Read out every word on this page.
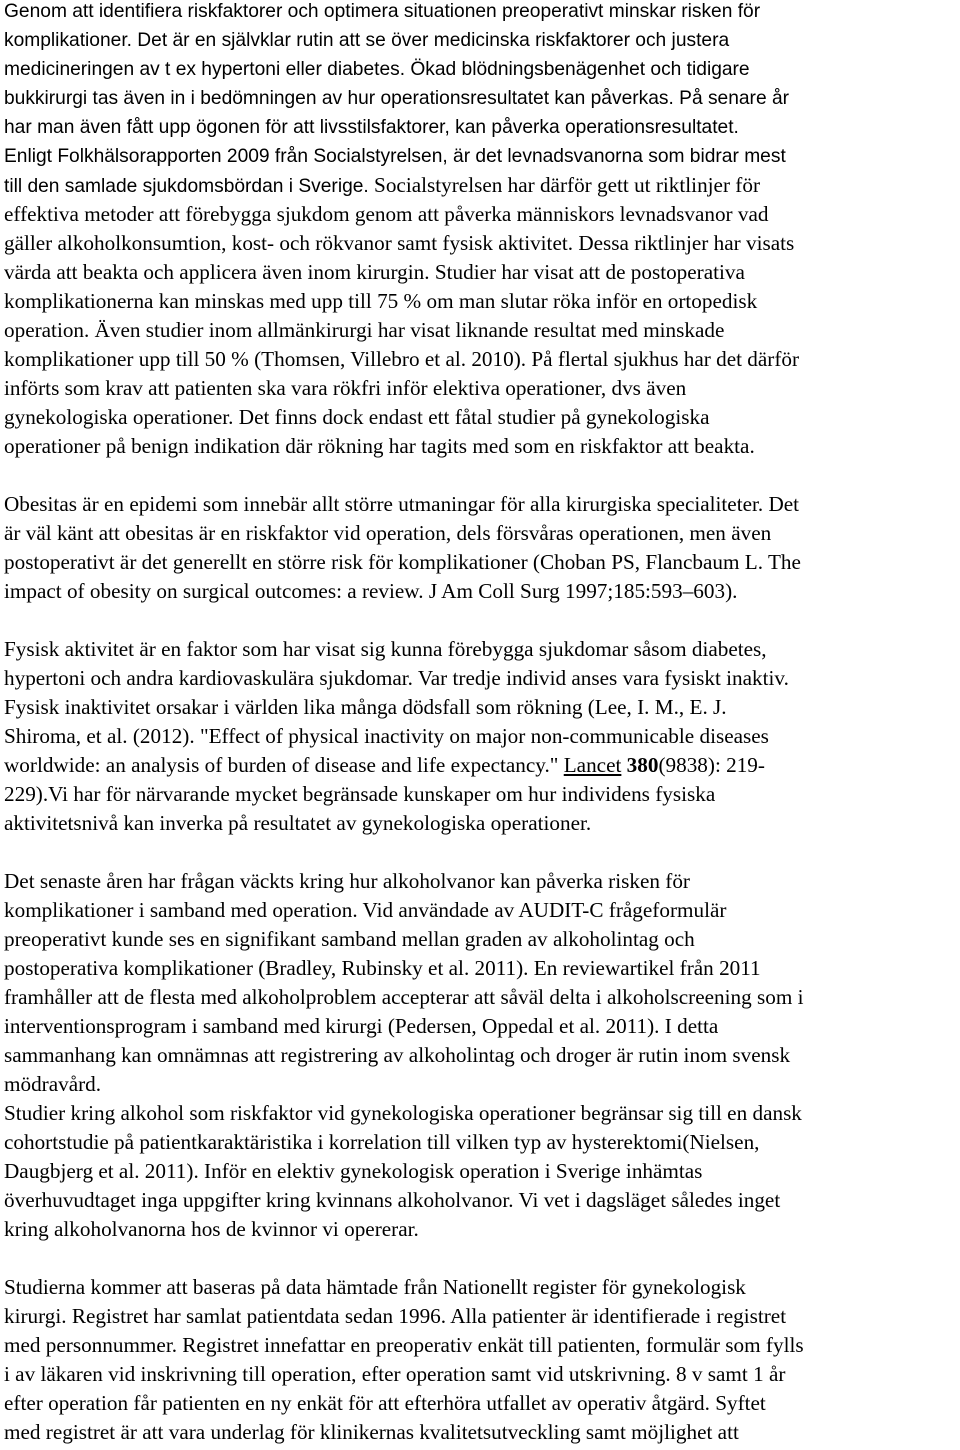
Genom att identifiera riskfaktorer och optimera situationen preoperativt minskar risken för
komplikationer. Det är en självklar rutin att se över medicinska riskfaktorer och justera
medicineringen av t ex hypertoni eller diabetes. Ökad blödningsbenägenhet och tidigare
bukkirurgi tas även in i bedömningen av hur operationsresultatet kan påverkas. På senare år
har man även fått upp ögonen för att livsstilsfaktorer, kan påverka operationsresultatet.
Enligt Folkhälsorapporten 2009 från Socialstyrelsen, är det levnadsvanorna som bidrar mest
till den samlade sjukdomsbördan i Sverige. Socialstyrelsen har därför gett ut riktlinjer för
effektiva metoder att förebygga sjukdom genom att påverka människors levnadsvanor vad
gäller alkoholkonsumtion, kost- och rökvanor samt fysisk aktivitet. Dessa riktlinjer har visats
värda att beakta och applicera även inom kirurgin. Studier har visat att de postoperativa
komplikationerna kan minskas med upp till 75 % om man slutar röka inför en ortopedisk
operation. Även studier inom allmänkirurgi har visat liknande resultat med minskade
komplikationer upp till 50 % (Thomsen, Villebro et al. 2010). På flertal sjukhus har det därför
införts som krav att patienten ska vara rökfri inför elektiva operationer, dvs även
gynekologiska operationer. Det finns dock endast ett fåtal studier på gynekologiska
operationer på benign indikation där rökning har tagits med som en riskfaktor att beakta.
Obesitas är en epidemi som innebär allt större utmaningar för alla kirurgiska specialiteter. Det
är väl känt att obesitas är en riskfaktor vid operation, dels försvåras operationen, men även
postoperativt är det generellt en större risk för komplikationer (Choban PS, Flancbaum L. The
impact of obesity on surgical outcomes: a review. J Am Coll Surg 1997;185:593–603).
Fysisk aktivitet är en faktor som har visat sig kunna förebygga sjukdomar såsom diabetes,
hypertoni och andra kardiovaskulära sjukdomar. Var tredje individ anses vara fysiskt inaktiv.
Fysisk inaktivitet orsakar i världen lika många dödsfall som rökning (Lee, I. M., E. J.
Shiroma, et al. (2012). "Effect of physical inactivity on major non-communicable diseases
worldwide: an analysis of burden of disease and life expectancy." Lancet 380(9838): 219-
229).Vi har för närvarande mycket begränsade kunskaper om hur individens fysiska
aktivitetsnivå kan inverka på resultatet av gynekologiska operationer.
Det senaste åren har frågan väckts kring hur alkoholvanor kan påverka risken för
komplikationer i samband med operation. Vid användade av AUDIT-C frågeformulär
preoperativt kunde ses en signifikant samband mellan graden av alkoholintag och
postoperativa komplikationer (Bradley, Rubinsky et al. 2011). En reviewartikel från 2011
framhåller att de flesta med alkoholproblem accepterar att såväl delta i alkoholscreening som i
interventionsprogram i samband med kirurgi (Pedersen, Oppedal et al. 2011). I detta
sammanhang kan omnämnas att registrering av alkoholintag och droger är rutin inom svensk
mödravård.
Studier kring alkohol som riskfaktor vid gynekologiska operationer begränsar sig till en dansk
cohortstudie på patientkaraktäristika i korrelation till vilken typ av hysterektomi(Nielsen,
Daugbjerg et al. 2011). Inför en elektiv gynekologisk operation i Sverige inhämtas
överhuvudtaget inga uppgifter kring kvinnans alkoholvanor. Vi vet i dagsläget således inget
kring alkoholvanorna hos de kvinnor vi opererar.
Studierna kommer att baseras på data hämtade från Nationellt register för gynekologisk
kirurgi. Registret har samlat patientdata sedan 1996. Alla patienter är identifierade i registret
med personnummer. Registret innefattar en preoperativ enkät till patienten, formulär som fylls
i av läkaren vid inskrivning till operation, efter operation samt vid utskrivning. 8 v samt 1 år
efter operation får patienten en ny enkät för att efterhöra utfallet av operativ åtgärd. Syftet
med registret är att vara underlag för klinikernas kvalitetsutveckling samt möjlighet att
